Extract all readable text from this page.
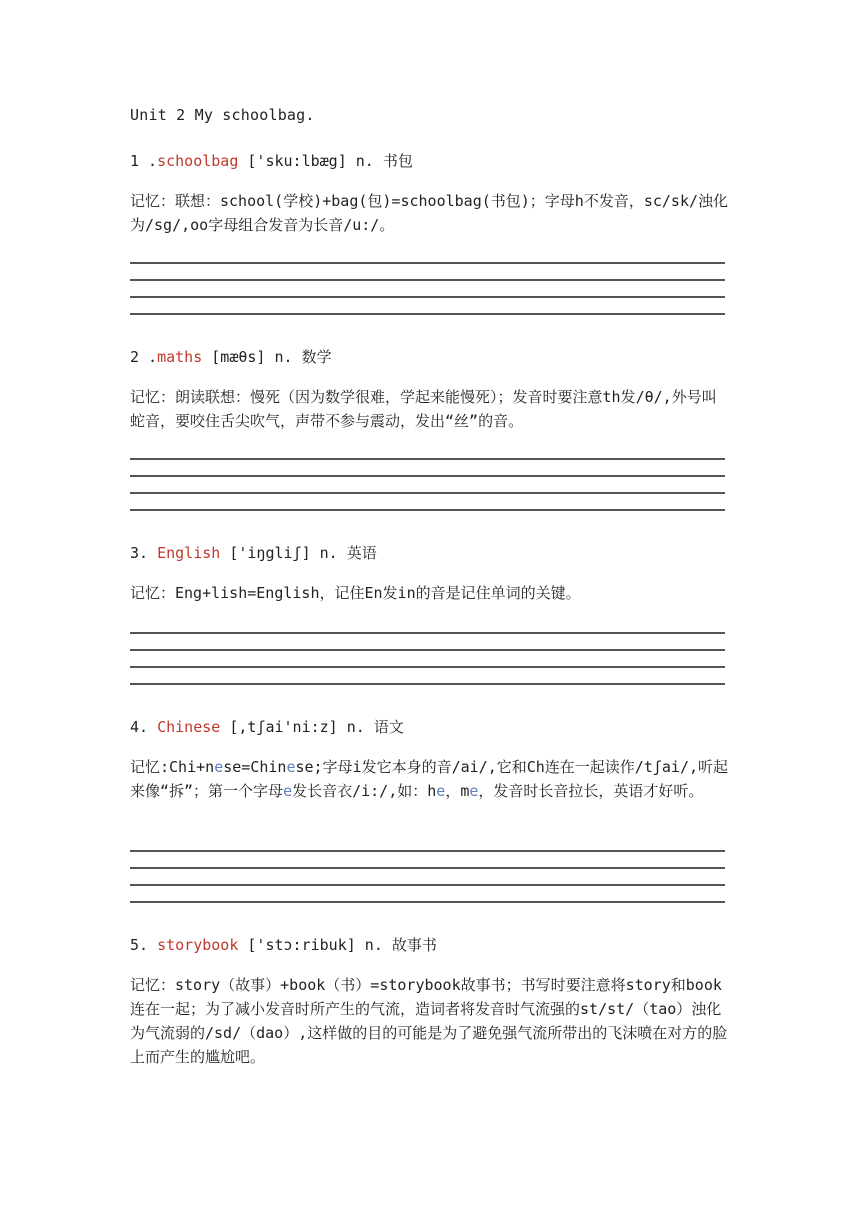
Unit 2 My schoolbag.
1 .schoolbag ['sku:lbæg] n. 书包
记忆：联想：school(学校)+bag(包)=schoolbag(书包)；字母h不发音，sc/sk/浊化为/sg/,oo字母组合发音为长音/u:/。
2 .maths [mæθs] n. 数学
记忆：朗读联想：慢死（因为数学很难，学起来能慢死）；发音时要注意th发/θ/,外号叫蛇音，要咬住舌尖吹气，声带不参与震动，发出“丝”的音。
3. English ['iŋgliʃ] n. 英语
记忆：Eng+lish=English，记住En发in的音是记住单词的关键。
4. Chinese [,tʃai'ni:z] n. 语文
记忆:Chi+nese=Chinese;字母i发它本身的音/ai/,它和Ch连在一起读作/tʃai/,听起来像“拆”；第一个字母e发长音衣/i:/,如：he，me，发音时长音拉长，英语才好听。
5. storybook ['stɔ:ribuk] n. 故事书
记忆：story（故事）+book（书）=storybook故事书；书写时要注意将story和book连在一起；为了减小发音时所产生的气流，造词者将发音时气流强的st/st/（tao）浊化为气流弱的/sd/（dao）,这样做的目的可能是为了避免强气流所带出的飞沫喷在对方的脸上而产生的尴尬吧。
